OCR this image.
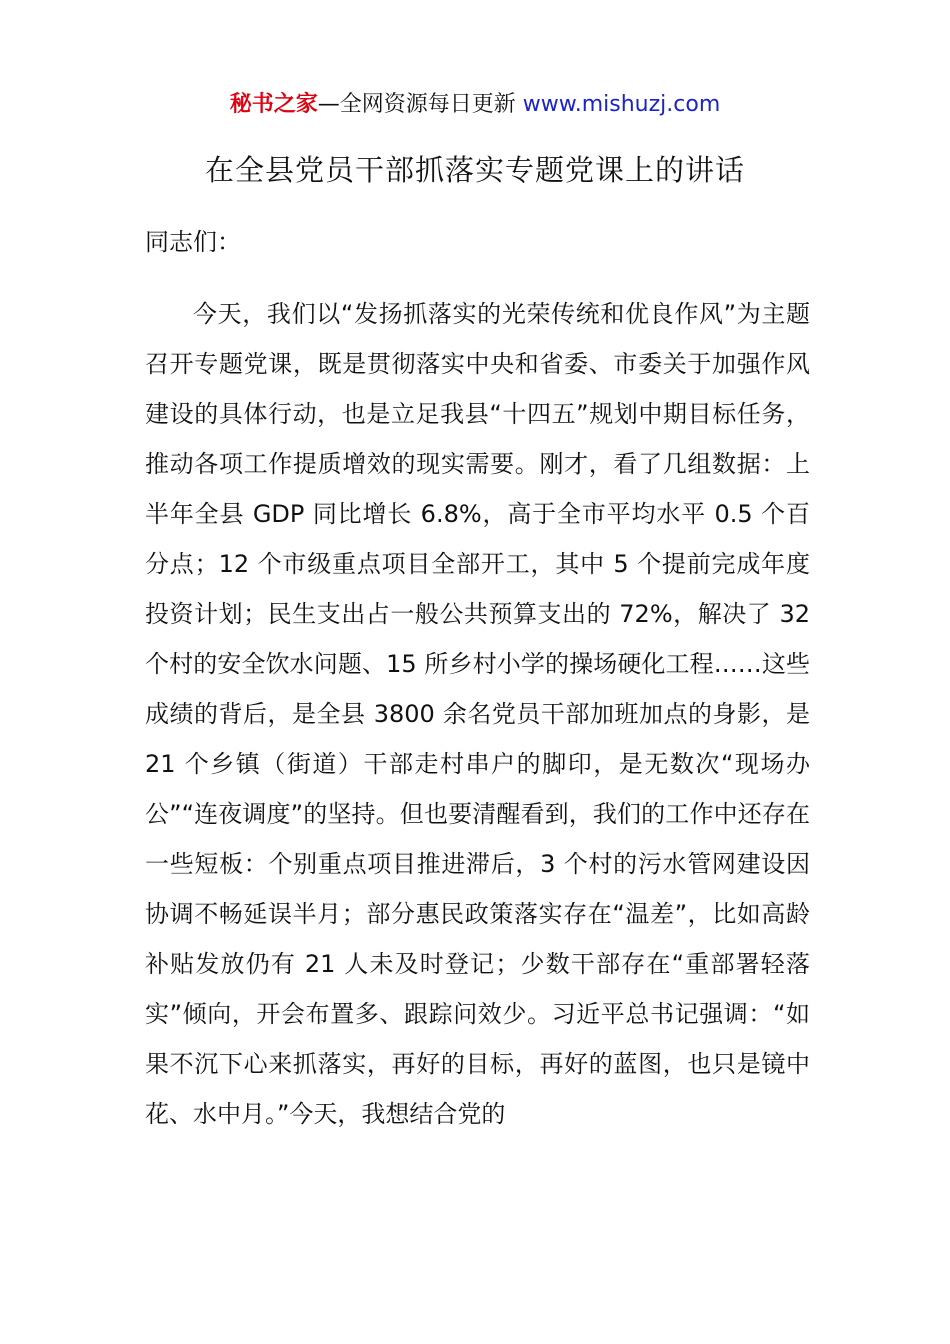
秘书之家—全网资源每日更新 www.mishuzj.com
在全县党员干部抓落实专题党课上的讲话
同志们：

今天，我们以“发扬抓落实的光荣传统和优良作风”为主题召开专题党课，既是贯彻落实中央和省委、市委关于加强作风建设的具体行动，也是立足我县“十四五”规划中期目标任务，推动各项工作提质增效的现实需要。刚才，看了几组数据：上半年全县 GDP 同比增长 6.8%，高于全市平均水平 0.5 个百分点；12 个市级重点项目全部开工，其中 5 个提前完成年度投资计划；民生支出占一般公共预算支出的 72%，解决了 32 个村的安全饮水问题、15 所乡村小学的操场硬化工程……这些成绩的背后，是全县 3800 余名党员干部加班加点的身影，是 21 个乡镇（街道）干部走村串户的脚印，是无数次“现场办公”“连夜调度”的坚持。但也要清醒看到，我们的工作中还存在一些短板：个别重点项目推进滞后，3 个村的污水管网建设因协调不畅延误半月；部分惠民政策落实存在“温差”，比如高龄补贴发放仍有 21 人未及时登记；少数干部存在“重部署轻落实”倾向，开会布置多、跟踪问效少。习近平总书记强调：“如果不沉下心来抓落实，再好的目标，再好的蓝图，也只是镜中花、水中月。”今天，我想结合党的
